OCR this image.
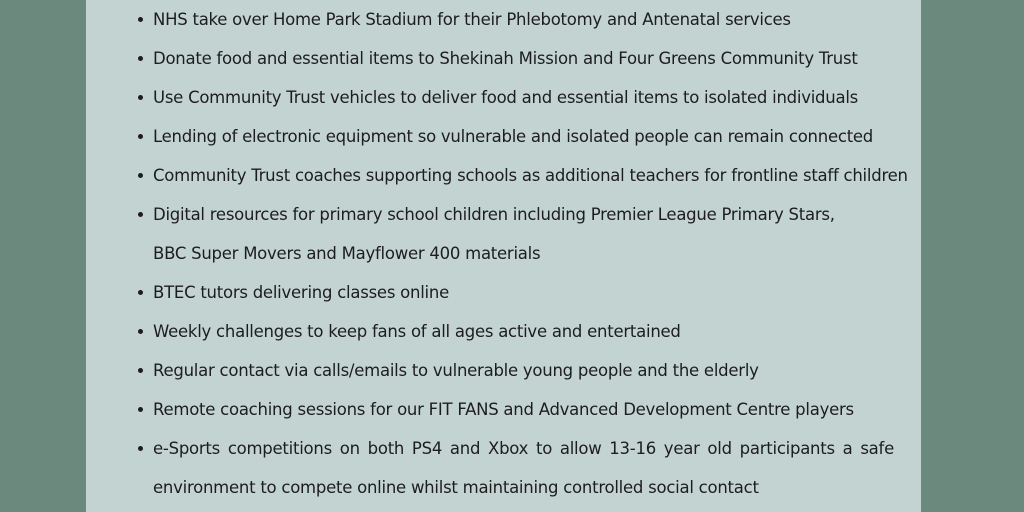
NHS take over Home Park Stadium for their Phlebotomy and Antenatal services
Donate food and essential items to Shekinah Mission and Four Greens Community Trust
Use Community Trust vehicles to deliver food and essential items to isolated individuals
Lending of electronic equipment so vulnerable and isolated people can remain connected
Community Trust coaches supporting schools as additional teachers for frontline staff children
Digital resources for primary school children including Premier League Primary Stars,
BBC Super Movers and Mayflower 400 materials
BTEC tutors delivering classes online
Weekly challenges to keep fans of all ages active and entertained
Regular contact via calls/emails to vulnerable young people and the elderly
Remote coaching sessions for our FIT FANS and Advanced Development Centre players
e-Sports competitions on both PS4 and Xbox to allow 13-16 year old participants a safe
environment to compete online whilst maintaining controlled social contact
